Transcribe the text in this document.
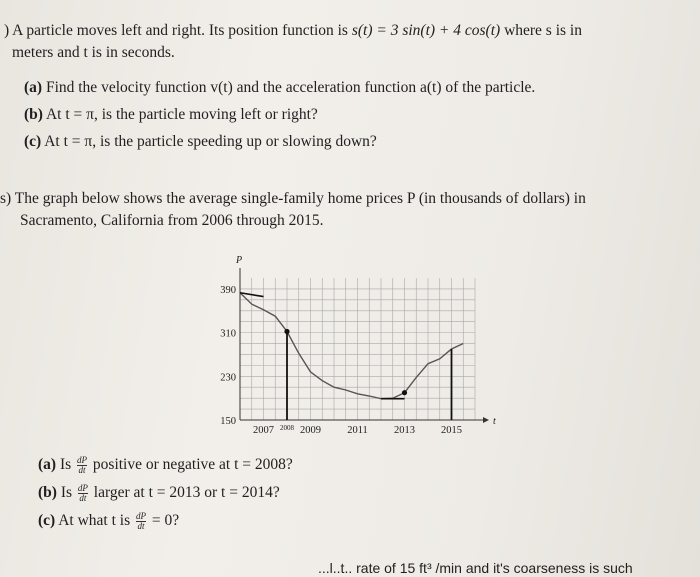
) A particle moves left and right. Its position function is s(t) = 3 sin(t) + 4 cos(t) where s is in
meters and t is in seconds.
(a) Find the velocity function v(t) and the acceleration function a(t) of the particle.
(b) At t = π, is the particle moving left or right?
(c) At t = π, is the particle speeding up or slowing down?
s) The graph below shows the average single-family home prices P (in thousands of dollars) in
Sacramento, California from 2006 through 2015.
P
t
150
230
310
390
2007 2009 2011 2013 2015
2008
(a) Is $\frac{dP}{dt}$ positive or negative at t = 2008?
(b) Is $\frac{dP}{dt}$ larger at t = 2013 or t = 2014?
(c) At what t is $\frac{dP}{dt} = 0$?
...l..t.. rate of 15 ft³ /min and it's coarseness is such
